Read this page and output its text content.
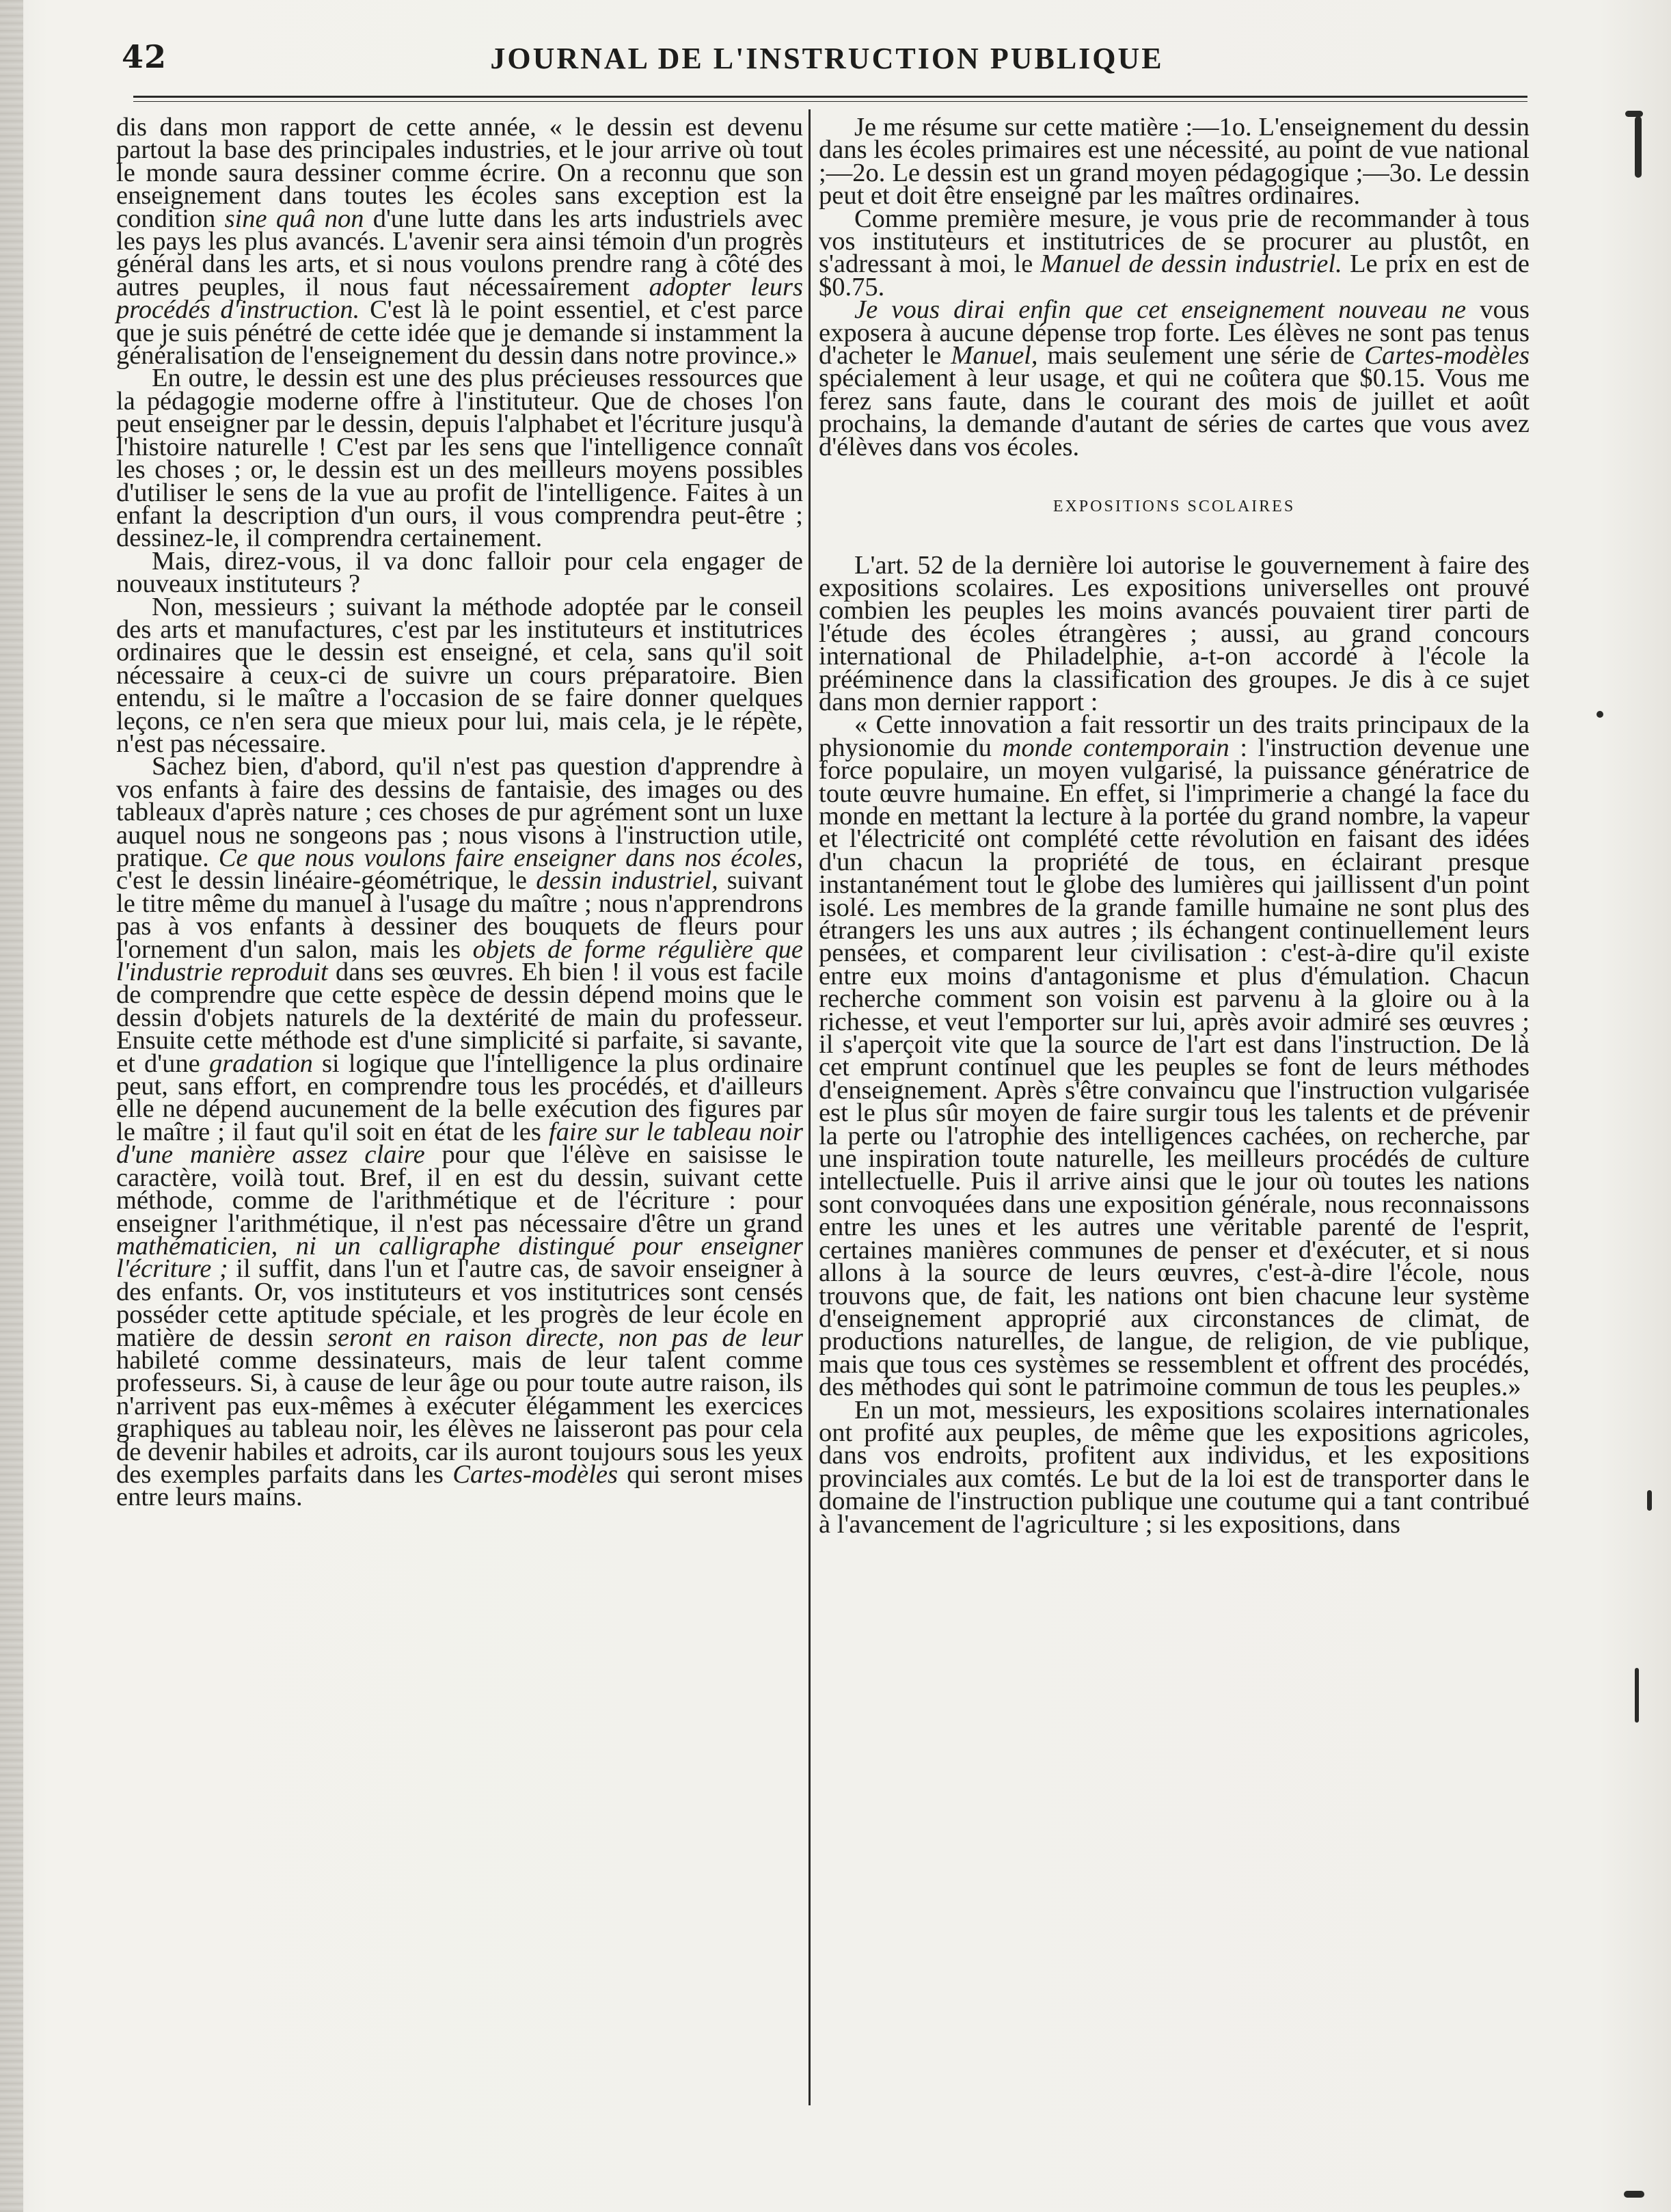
42	JOURNAL DE L'INSTRUCTION PUBLIQUE

dis dans mon rapport de cette année, « le dessin est devenu partout la base des principales industries, et le jour arrive où tout le monde saura dessiner comme écrire. On a reconnu que son enseignement dans toutes les écoles sans exception est la condition sine quâ non d'une lutte dans les arts industriels avec les pays les plus avancés. L'avenir sera ainsi témoin d'un progrès général dans les arts, et si nous voulons prendre rang à côté des autres peuples, il nous faut nécessairement adopter leurs procédés d'instruction. C'est là le point essentiel, et c'est parce que je suis pénétré de cette idée que je demande si instamment la généralisation de l'enseignement du dessin dans notre province.»

En outre, le dessin est une des plus précieuses ressources que la pédagogie moderne offre à l'instituteur. Que de choses l'on peut enseigner par le dessin, depuis l'alphabet et l'écriture jusqu'à l'histoire naturelle ! C'est par les sens que l'intelligence connaît les choses ; or, le dessin est un des meilleurs moyens possibles d'utiliser le sens de la vue au profit de l'intelligence. Faites à un enfant la description d'un ours, il vous comprendra peut-être ; dessinez-le, il comprendra certainement.

Mais, direz-vous, il va donc falloir pour cela engager de nouveaux instituteurs ?

Non, messieurs ; suivant la méthode adoptée par le conseil des arts et manufactures, c'est par les instituteurs et institutrices ordinaires que le dessin est enseigné, et cela, sans qu'il soit nécessaire à ceux-ci de suivre un cours préparatoire. Bien entendu, si le maître a l'occasion de se faire donner quelques leçons, ce n'en sera que mieux pour lui, mais cela, je le répète, n'est pas nécessaire.

Sachez bien, d'abord, qu'il n'est pas question d'apprendre à vos enfants à faire des dessins de fantaisie, des images ou des tableaux d'après nature ; ces choses de pur agrément sont un luxe auquel nous ne songeons pas ; nous visons à l'instruction utile, pratique. Ce que nous voulons faire enseigner dans nos écoles, c'est le dessin linéaire-géométrique, le dessin industriel, suivant le titre même du manuel à l'usage du maître ; nous n'apprendrons pas à vos enfants à dessiner des bouquets de fleurs pour l'ornement d'un salon, mais les objets de forme régulière que l'industrie reproduit dans ses œuvres. Eh bien ! il vous est facile de comprendre que cette espèce de dessin dépend moins que le dessin d'objets naturels de la dextérité de main du professeur. Ensuite cette méthode est d'une simplicité si parfaite, si savante, et d'une gradation si logique que l'intelligence la plus ordinaire peut, sans effort, en comprendre tous les procédés, et d'ailleurs elle ne dépend aucunement de la belle exécution des figures par le maître ; il faut qu'il soit en état de les faire sur le tableau noir d'une manière assez claire pour que l'élève en saisisse le caractère, voilà tout. Bref, il en est du dessin, suivant cette méthode, comme de l'arithmétique et de l'écriture : pour enseigner l'arithmétique, il n'est pas nécessaire d'être un grand mathématicien, ni un calligraphe distingué pour enseigner l'écriture ; il suffit, dans l'un et l'autre cas, de savoir enseigner à des enfants. Or, vos instituteurs et vos institutrices sont censés posséder cette aptitude spéciale, et les progrès de leur école en matière de dessin seront en raison directe, non pas de leur habileté comme dessinateurs, mais de leur talent comme professeurs. Si, à cause de leur âge ou pour toute autre raison, ils n'arrivent pas eux-mêmes à exécuter élégamment les exercices graphiques au tableau noir, les élèves ne laisseront pas pour cela de devenir habiles et adroits, car ils auront toujours sous les yeux des exemples parfaits dans les Cartes-modèles qui seront mises entre leurs mains.

Je me résume sur cette matière :—1o. L'enseignement du dessin dans les écoles primaires est une nécessité, au point de vue national ;—2o. Le dessin est un grand moyen pédagogique ;—3o. Le dessin peut et doit être enseigné par les maîtres ordinaires.

Comme première mesure, je vous prie de recommander à tous vos instituteurs et institutrices de se procurer au plustôt, en s'adressant à moi, le Manuel de dessin industriel. Le prix en est de $0.75.

Je vous dirai enfin que cet enseignement nouveau ne vous exposera à aucune dépense trop forte. Les élèves ne sont pas tenus d'acheter le Manuel, mais seulement une série de Cartes-modèles spécialement à leur usage, et qui ne coûtera que $0.15. Vous me ferez sans faute, dans le courant des mois de juillet et août prochains, la demande d'autant de séries de cartes que vous avez d'élèves dans vos écoles.

EXPOSITIONS SCOLAIRES

L'art. 52 de la dernière loi autorise le gouvernement à faire des expositions scolaires. Les expositions universelles ont prouvé combien les peuples les moins avancés pouvaient tirer parti de l'étude des écoles étrangères ; aussi, au grand concours international de Philadelphie, a-t-on accordé à l'école la prééminence dans la classification des groupes. Je dis à ce sujet dans mon dernier rapport :

« Cette innovation a fait ressortir un des traits principaux de la physionomie du monde contemporain : l'instruction devenue une force populaire, un moyen vulgarisé, la puissance génératrice de toute œuvre humaine. En effet, si l'imprimerie a changé la face du monde en mettant la lecture à la portée du grand nombre, la vapeur et l'électricité ont complété cette révolution en faisant des idées d'un chacun la propriété de tous, en éclairant presque instantanément tout le globe des lumières qui jaillissent d'un point isolé. Les membres de la grande famille humaine ne sont plus des étrangers les uns aux autres ; ils échangent continuellement leurs pensées, et comparent leur civilisation : c'est-à-dire qu'il existe entre eux moins d'antagonisme et plus d'émulation. Chacun recherche comment son voisin est parvenu à la gloire ou à la richesse, et veut l'emporter sur lui, après avoir admiré ses œuvres ; il s'aperçoit vite que la source de l'art est dans l'instruction. De là cet emprunt continuel que les peuples se font de leurs méthodes d'enseignement. Après s'être convaincu que l'instruction vulgarisée est le plus sûr moyen de faire surgir tous les talents et de prévenir la perte ou l'atrophie des intelligences cachées, on recherche, par une inspiration toute naturelle, les meilleurs procédés de culture intellectuelle. Puis il arrive ainsi que le jour où toutes les nations sont convoquées dans une exposition générale, nous reconnaissons entre les unes et les autres une véritable parenté de l'esprit, certaines manières communes de penser et d'exécuter, et si nous allons à la source de leurs œuvres, c'est-à-dire l'école, nous trouvons que, de fait, les nations ont bien chacune leur système d'enseignement approprié aux circonstances de climat, de productions naturelles, de langue, de religion, de vie publique, mais que tous ces systèmes se ressemblent et offrent des procédés, des méthodes qui sont le patrimoine commun de tous les peuples.»

En un mot, messieurs, les expositions scolaires internationales ont profité aux peuples, de même que les expositions agricoles, dans vos endroits, profitent aux individus, et les expositions provinciales aux comtés. Le but de la loi est de transporter dans le domaine de l'instruction publique une coutume qui a tant contribué à l'avancement de l'agriculture ; si les expositions, dans
